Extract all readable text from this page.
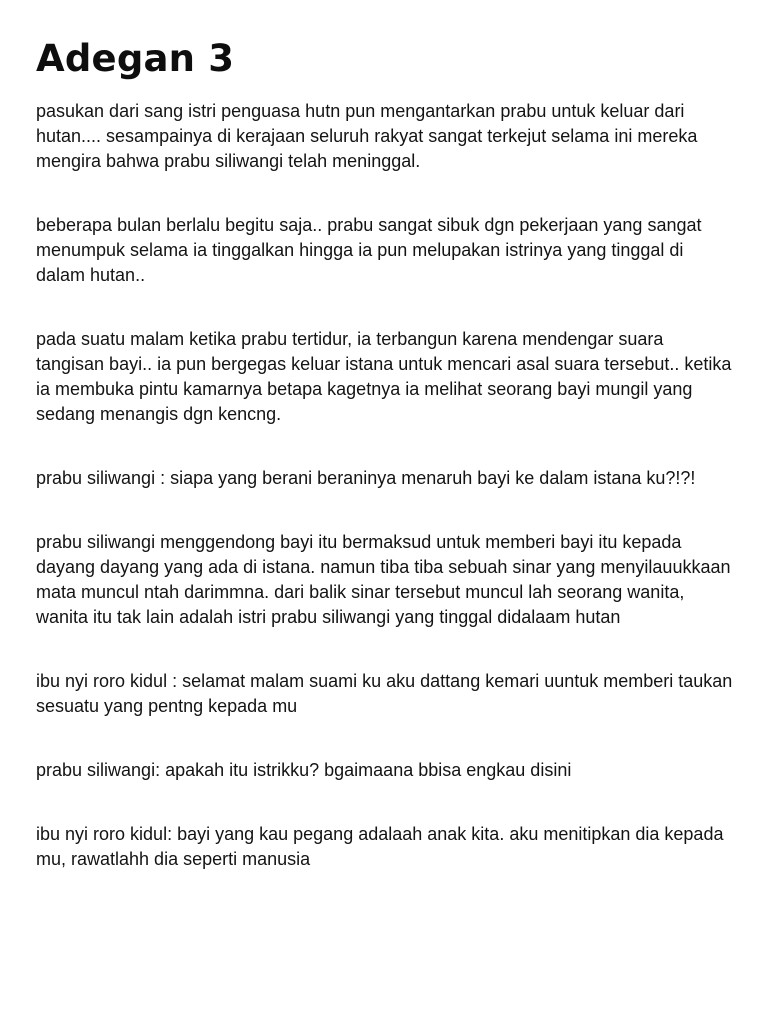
Adegan 3

pasukan dari sang istri penguasa hutn pun mengantarkan prabu untuk keluar dari hutan.... sesampainya di kerajaan seluruh rakyat sangat terkejut selama ini mereka mengira bahwa prabu siliwangi telah meninggal.

beberapa bulan berlalu begitu saja.. prabu sangat sibuk dgn pekerjaan yang sangat menumpuk selama ia tinggalkan hingga ia pun melupakan istrinya yang tinggal di dalam hutan..

pada suatu malam ketika prabu tertidur, ia terbangun karena mendengar suara tangisan bayi.. ia pun bergegas keluar istana untuk mencari asal suara tersebut.. ketika ia membuka pintu kamarnya betapa kagetnya ia melihat seorang bayi mungil yang sedang menangis dgn kencng.

prabu siliwangi : siapa yang berani beraninya menaruh bayi ke dalam istana ku?!?!

prabu siliwangi menggendong bayi itu bermaksud untuk memberi bayi itu kepada dayang dayang yang ada di istana. namun tiba tiba sebuah sinar yang menyilauukkaan mata muncul ntah darimmna. dari balik sinar tersebut muncul lah seorang wanita, wanita itu tak lain adalah istri prabu siliwangi yang tinggal didalaam hutan

ibu nyi roro kidul : selamat malam suami ku aku dattang kemari uuntuk memberi taukan sesuatu yang pentng kepada mu

prabu siliwangi: apakah itu istrikku? bgaimaana bbisa engkau disini

ibu nyi roro kidul: bayi yang kau pegang adalaah anak kita. aku menitipkan dia kepada mu, rawatlahh dia seperti manusia
